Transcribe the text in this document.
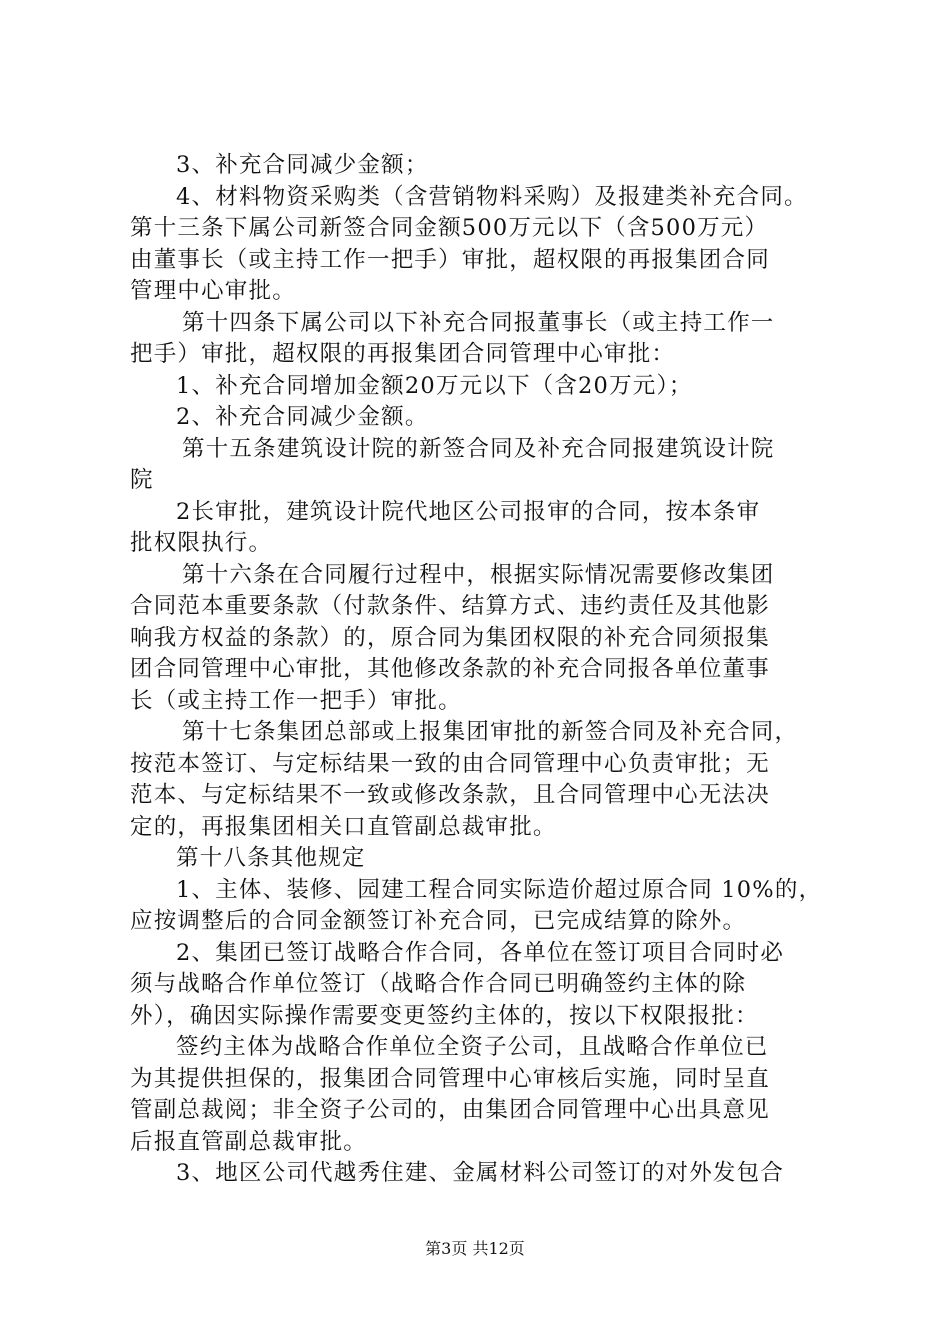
3、补充合同减少金额；
4、材料物资采购类（含营销物料采购）及报建类补充合同。
第十三条下属公司新签合同金额500万元以下（含500万元）
由董事长（或主持工作一把手）审批，超权限的再报集团合同
管理中心审批。
第十四条下属公司以下补充合同报董事长（或主持工作一
把手）审批，超权限的再报集团合同管理中心审批：
1、补充合同增加金额20万元以下（含20万元）；
2、补充合同减少金额。
第十五条建筑设计院的新签合同及补充合同报建筑设计院
院
2长审批，建筑设计院代地区公司报审的合同，按本条审
批权限执行。
第十六条在合同履行过程中，根据实际情况需要修改集团
合同范本重要条款（付款条件、结算方式、违约责任及其他影
响我方权益的条款）的，原合同为集团权限的补充合同须报集
团合同管理中心审批，其他修改条款的补充合同报各单位董事
长（或主持工作一把手）审批。
第十七条集团总部或上报集团审批的新签合同及补充合同，
按范本签订、与定标结果一致的由合同管理中心负责审批；无
范本、与定标结果不一致或修改条款，且合同管理中心无法决
定的，再报集团相关口直管副总裁审批。
第十八条其他规定
1、主体、装修、园建工程合同实际造价超过原合同 10%的，
应按调整后的合同金额签订补充合同，已完成结算的除外。
2、集团已签订战略合作合同，各单位在签订项目合同时必
须与战略合作单位签订（战略合作合同已明确签约主体的除
外），确因实际操作需要变更签约主体的，按以下权限报批：
签约主体为战略合作单位全资子公司，且战略合作单位已
为其提供担保的，报集团合同管理中心审核后实施，同时呈直
管副总裁阅；非全资子公司的，由集团合同管理中心出具意见
后报直管副总裁审批。
3、地区公司代越秀住建、金属材料公司签订的对外发包合
第3页 共12页
